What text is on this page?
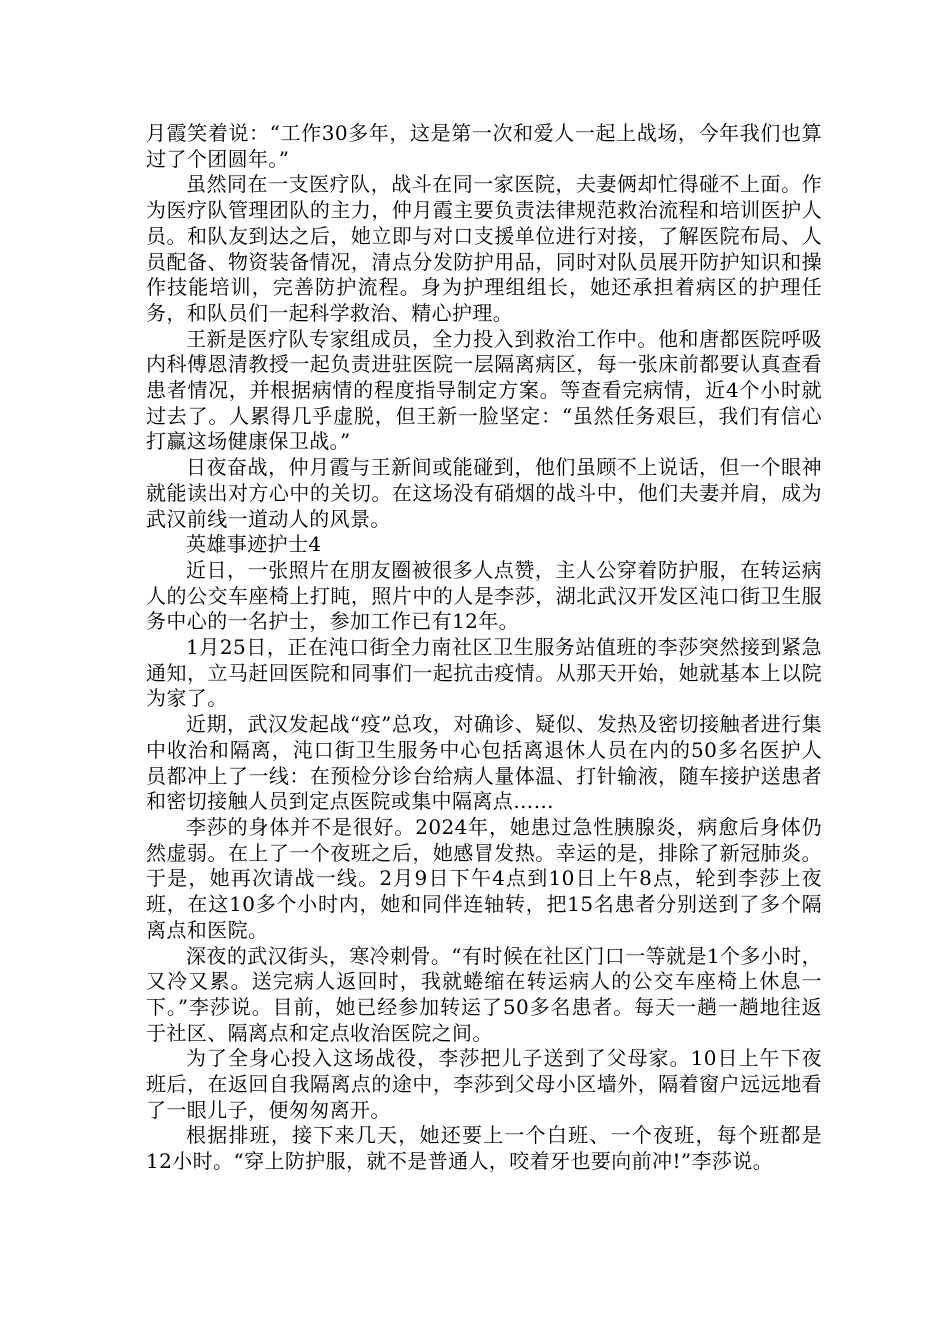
月霞笑着说：“工作30多年，这是第一次和爱人一起上战场，今年我们也算过了个团圆年。”

虽然同在一支医疗队，战斗在同一家医院，夫妻俩却忙得碰不上面。作为医疗队管理团队的主力，仲月霞主要负责法律规范救治流程和培训医护人员。和队友到达之后，她立即与对口支援单位进行对接，了解医院布局、人员配备、物资装备情况，清点分发防护用品，同时对队员展开防护知识和操作技能培训，完善防护流程。身为护理组组长，她还承担着病区的护理任务，和队员们一起科学救治、精心护理。

王新是医疗队专家组成员，全力投入到救治工作中。他和唐都医院呼吸内科傅恩清教授一起负责进驻医院一层隔离病区，每一张床前都要认真查看患者情况，并根据病情的程度指导制定方案。等查看完病情，近4个小时就过去了。人累得几乎虚脱，但王新一脸坚定：“虽然任务艰巨，我们有信心打赢这场健康保卫战。”

日夜奋战，仲月霞与王新间或能碰到，他们虽顾不上说话，但一个眼神就能读出对方心中的关切。在这场没有硝烟的战斗中，他们夫妻并肩，成为武汉前线一道动人的风景。

英雄事迹护士4

近日，一张照片在朋友圈被很多人点赞，主人公穿着防护服，在转运病人的公交车座椅上打盹，照片中的人是李莎，湖北武汉开发区沌口街卫生服务中心的一名护士，参加工作已有12年。

1月25日，正在沌口街全力南社区卫生服务站值班的李莎突然接到紧急通知，立马赶回医院和同事们一起抗击疫情。从那天开始，她就基本上以院为家了。

近期，武汉发起战“疫”总攻，对确诊、疑似、发热及密切接触者进行集中收治和隔离，沌口街卫生服务中心包括离退休人员在内的50多名医护人员都冲上了一线：在预检分诊台给病人量体温、打针输液，随车接护送患者和密切接触人员到定点医院或集中隔离点……

李莎的身体并不是很好。2024年，她患过急性胰腺炎，病愈后身体仍然虚弱。在上了一个夜班之后，她感冒发热。幸运的是，排除了新冠肺炎。于是，她再次请战一线。2月9日下午4点到10日上午8点，轮到李莎上夜班，在这10多个小时内，她和同伴连轴转，把15名患者分别送到了多个隔离点和医院。

深夜的武汉街头，寒冷刺骨。“有时候在社区门口一等就是1个多小时，又冷又累。送完病人返回时，我就蜷缩在转运病人的公交车座椅上休息一下。”李莎说。目前，她已经参加转运了50多名患者。每天一趟一趟地往返于社区、隔离点和定点收治医院之间。

为了全身心投入这场战役，李莎把儿子送到了父母家。10日上午下夜班后，在返回自我隔离点的途中，李莎到父母小区墙外，隔着窗户远远地看了一眼儿子，便匆匆离开。

根据排班，接下来几天，她还要上一个白班、一个夜班，每个班都是12小时。“穿上防护服，就不是普通人，咬着牙也要向前冲!”李莎说。
